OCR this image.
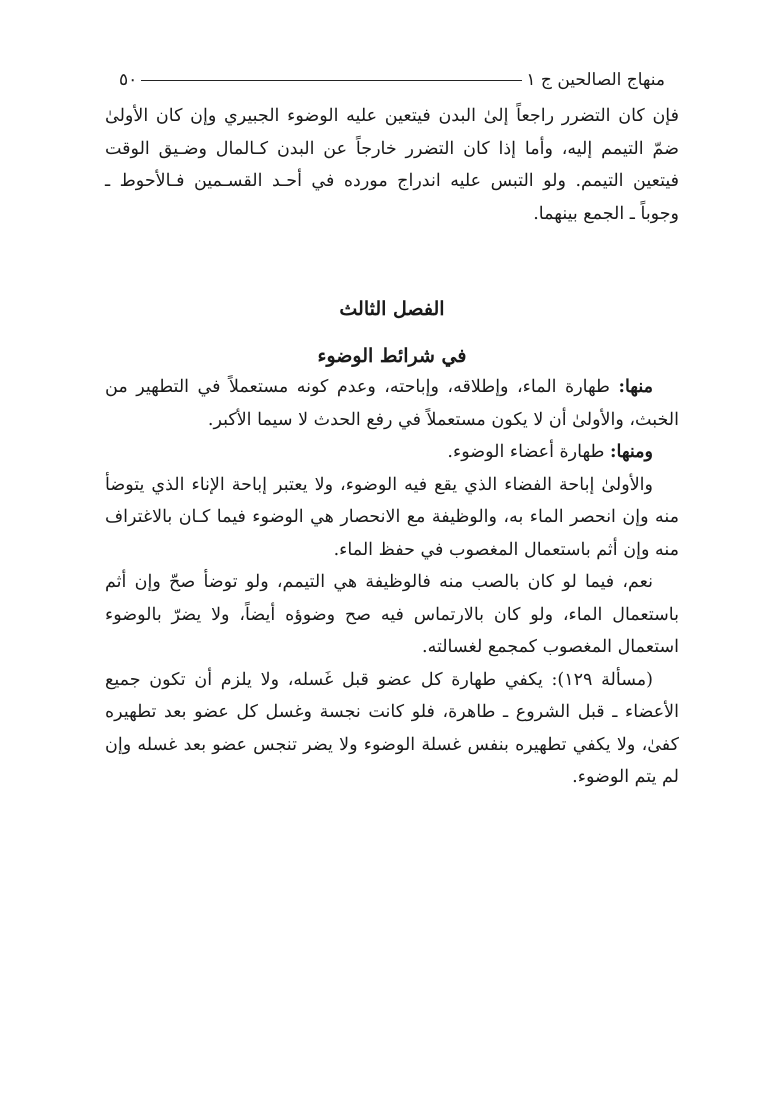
منهاج الصالحين ج ١
٥٠

فإن كان التضرر راجعاً إلىٰ البدن فيتعين عليه الوضوء الجبيري وإن كان الأولىٰ ضمّ التيمم إليه، وأما إذا كان التضرر خارجاً عن البدن كـالمال وضـيق الوقت فيتعين التيمم. ولو التبس عليه اندراج مورده في أحـد القسـمين فـالأحوط ـ وجوباً ـ الجمع بينهما.

الفصل الثالث
في شرائط الوضوء

منها: طهارة الماء، وإطلاقه، وإباحته، وعدم كونه مستعملاً في التطهير من الخبث، والأولىٰ أن لا يكون مستعملاً في رفع الحدث لا سيما الأكبر.

ومنها: طهارة أعضاء الوضوء.

والأولىٰ إباحة الفضاء الذي يقع فيه الوضوء، ولا يعتبر إباحة الإناء الذي يتوضأ منه وإن انحصر الماء به، والوظيفة مع الانحصار هي الوضوء فيما كـان بالاغتراف منه وإن أثم باستعمال المغصوب في حفظ الماء.

نعم، فيما لو كان بالصب منه فالوظيفة هي التيمم، ولو توضأ صحّ وإن أثم باستعمال الماء، ولو كان بالارتماس فيه صح وضوؤه أيضاً، ولا يضرّ بالوضوء استعمال المغصوب كمجمع لغسالته.

(مسألة ١٢٩): يكفي طهارة كل عضو قبل غَسله، ولا يلزم أن تكون جميع الأعضاء ـ قبل الشروع ـ طاهرة، فلو كانت نجسة وغسل كل عضو بعد تطهيره كفىٰ، ولا يكفي تطهيره بنفس غسلة الوضوء ولا يضر تنجس عضو بعد غسله وإن لم يتم الوضوء.
